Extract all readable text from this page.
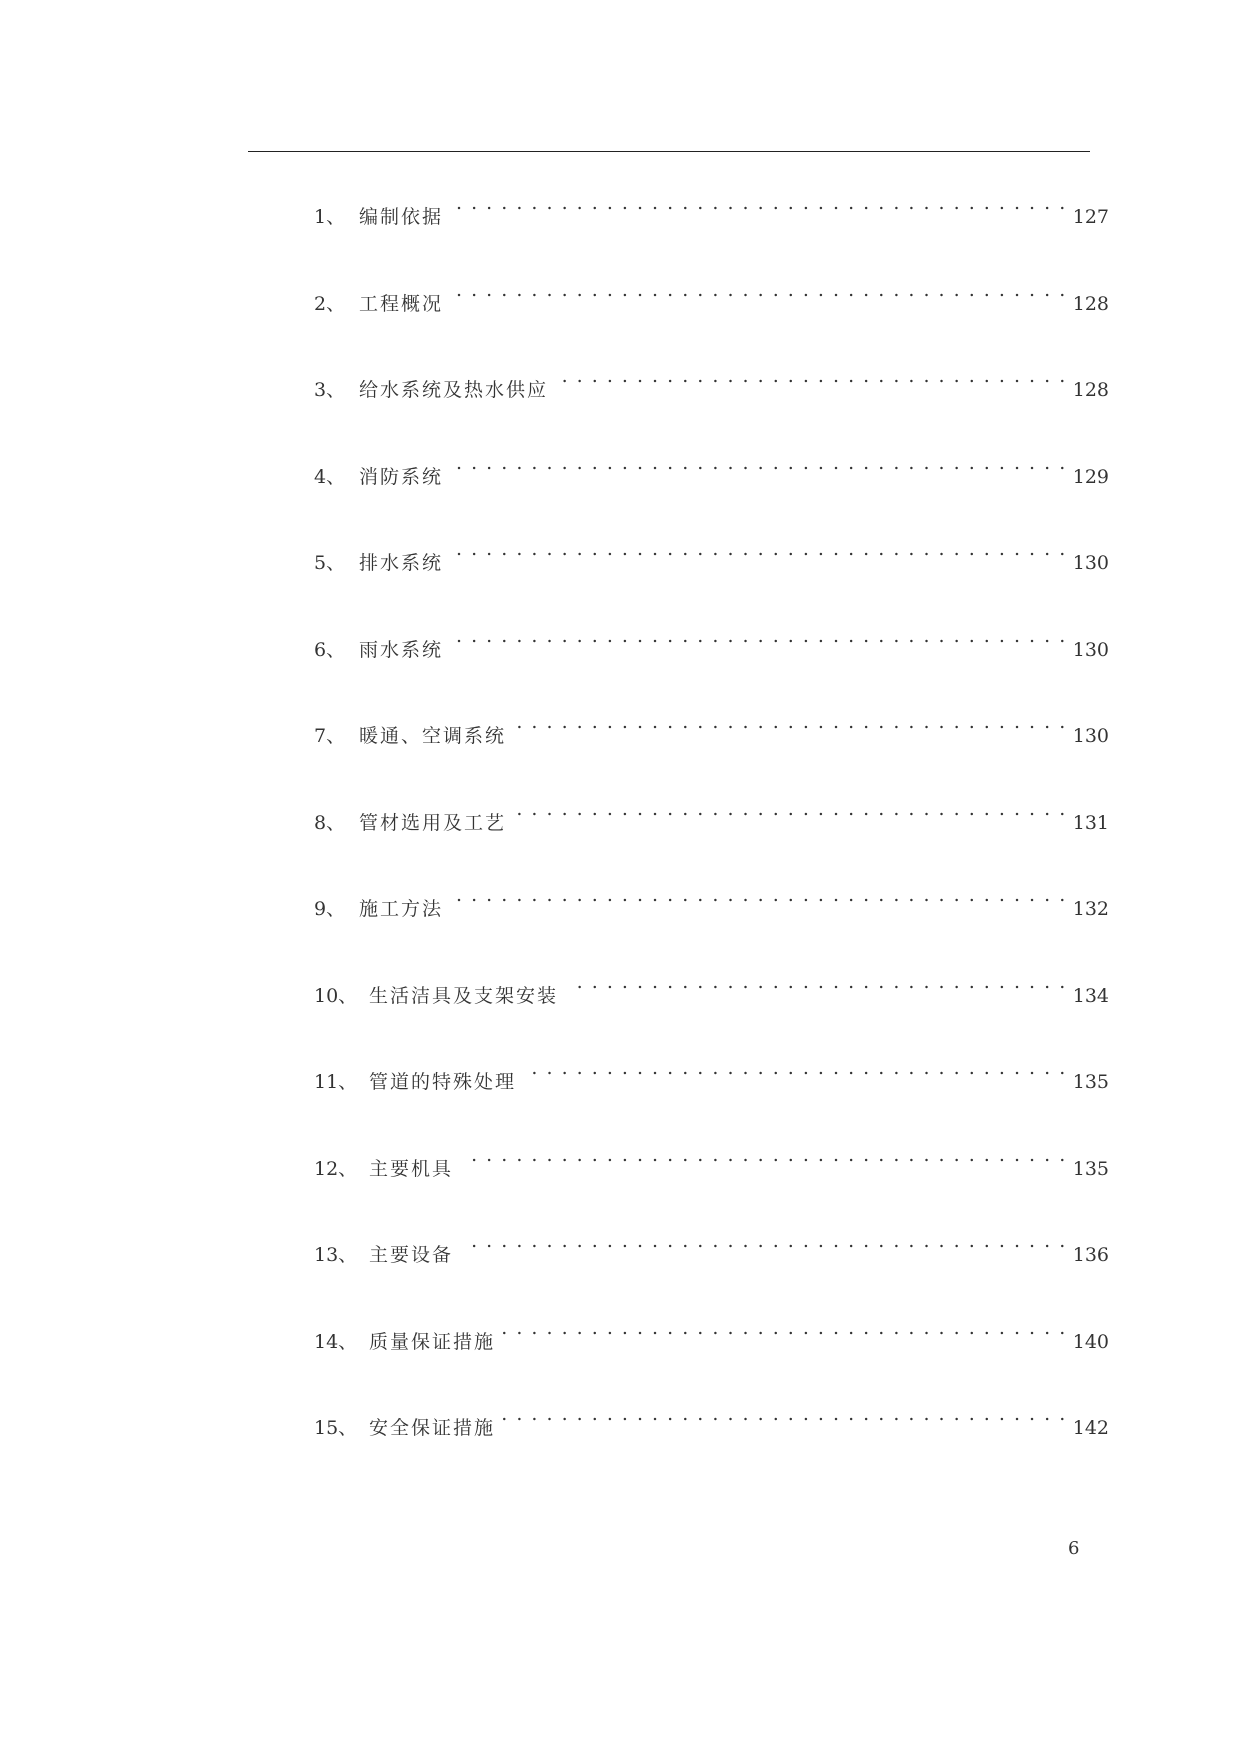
1、 编制依据 . . .	127
2、 工程概况 . . .	128
3、 给水系统及热水供应 . . .	128
4、 消防系统 . . .	129
5、 排水系统 . . .	130
6、 雨水系统 . . .	130
7、 暖通、空调系统 . . .	130
8、 管材选用及工艺 . . .	131
9、 施工方法 . . .	132
10、 生活洁具及支架安装 . . .	134
11、 管道的特殊处理 . . .	135
12、 主要机具 . . .	135
13、 主要设备 . . .	136
14、 质量保证措施 . . .	140
15、 安全保证措施 . . .	142
6
